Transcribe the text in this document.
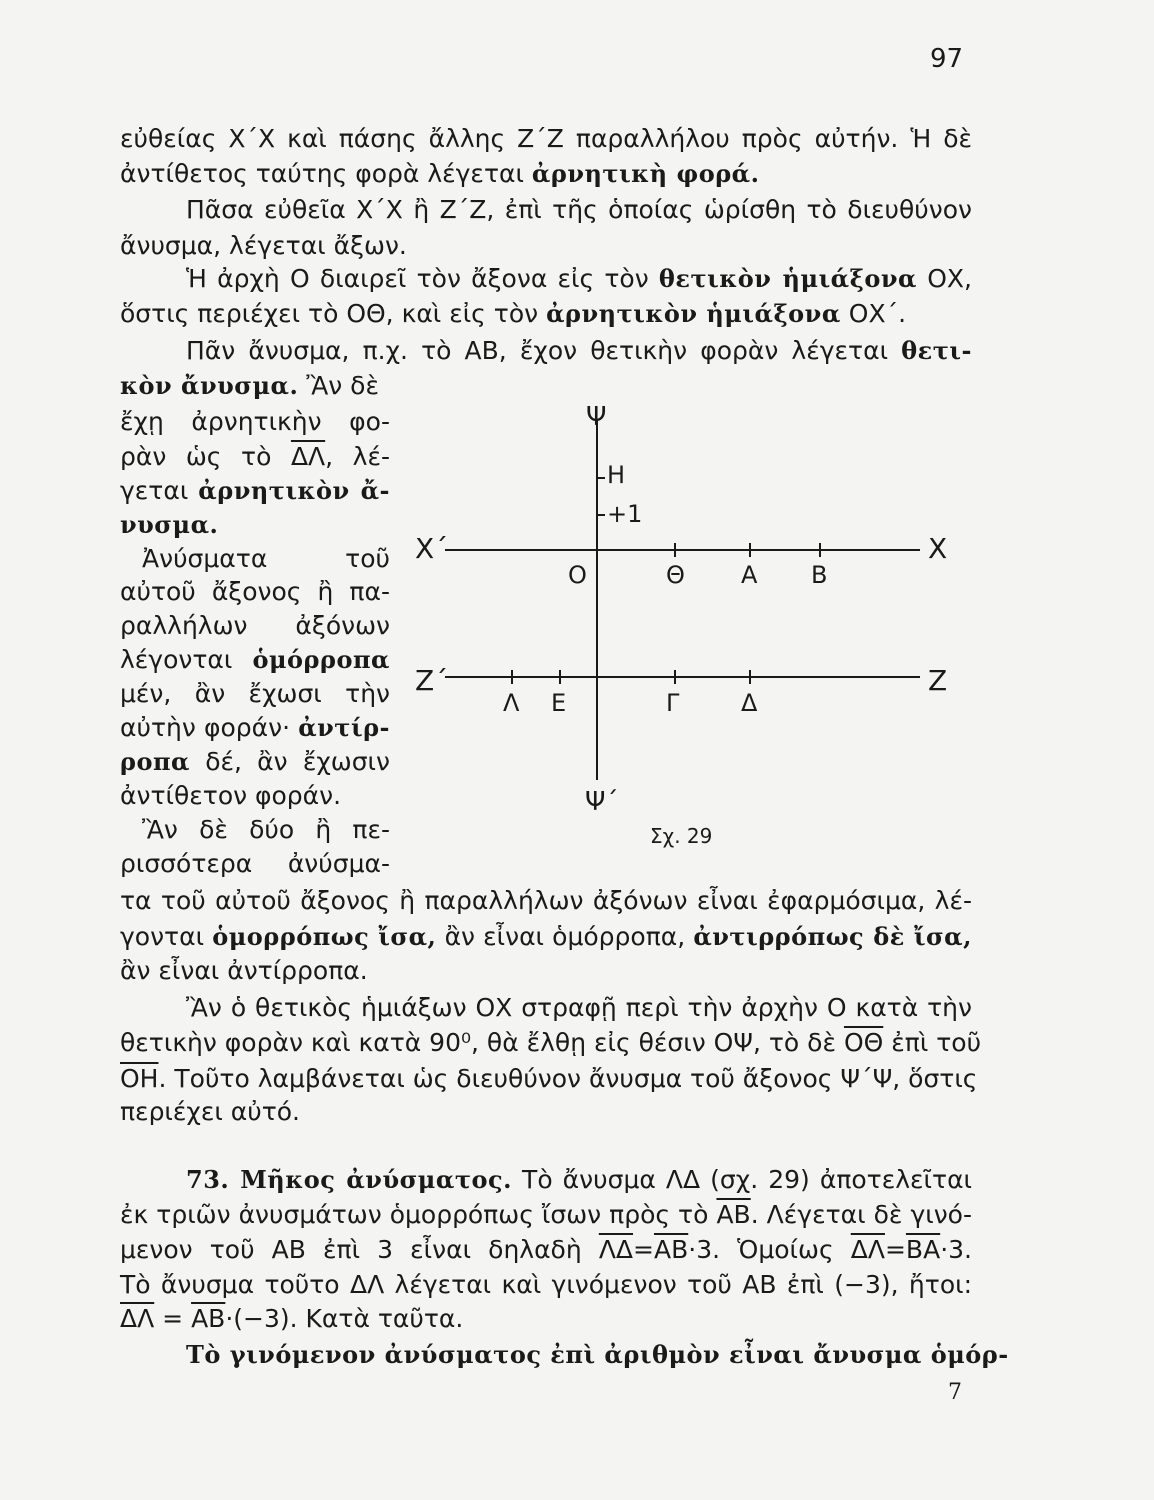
97
εὐθείας Χ΄Χ καὶ πάσης ἄλλης Ζ΄Ζ παραλλήλου πρὸς αὐτήν. Ἡ δὲ
ἀντίθετος ταύτης φορὰ λέγεται ἀρνητικὴ φορά.
Πᾶσα εὐθεῖα Χ΄Χ ἢ Ζ΄Ζ, ἐπὶ τῆς ὁποίας ὡρίσθη τὸ διευθύνον
ἄνυσμα, λέγεται ἄξων.
Ἡ ἀρχὴ Ο διαιρεῖ τὸν ἄξονα εἰς τὸν θετικὸν ἡμιάξονα ΟΧ,
ὅστις περιέχει τὸ ΟΘ, καὶ εἰς τὸν ἀρνητικὸν ἡμιάξονα ΟΧ΄.
Πᾶν ἄνυσμα, π.χ. τὸ ΑΒ, ἔχον θετικὴν φορὰν λέγεται θετι-
κὸν ἄνυσμα. Ἂν δὲ
ἔχῃ ἀρνητικὴν φο-
ρὰν ὡς τὸ $\overline{\Delta\Lambda}$, λέ-
γεται ἀρνητικὸν ἄ-
νυσμα.
Ἀνύσματα τοῦ
αὐτοῦ ἄξονος ἢ πα-
ραλλήλων ἀξόνων
λέγονται ὁμόρροπα
μέν, ἂν ἔχωσι τὴν
αὐτὴν φοράν· ἀντίρ-
ροπα δέ, ἂν ἔχωσιν
ἀντίθετον φοράν.
Ἂν δὲ δύο ἢ πε-
ρισσότερα ἀνύσμα-
Ψ
Η
+1
Χ΄	Χ
Ο	Θ Α Β
Ζ΄	Ζ
Λ Ε	Γ	Δ
Ψ΄
Σχ. 29
τα τοῦ αὐτοῦ ἄξονος ἢ παραλλήλων ἀξόνων εἶναι ἐφαρμόσιμα, λέ-
γονται ὁμορρόπως ἴσα, ἂν εἶναι ὁμόρροπα, ἀντιρρόπως δὲ ἴσα,
ἂν εἶναι ἀντίρροπα.
Ἂν ὁ θετικὸς ἡμιάξων ΟΧ στραφῇ περὶ τὴν ἀρχὴν Ο κατὰ τὴν
θετικὴν φορὰν καὶ κατὰ 90⁰, θὰ ἔλθῃ εἰς θέσιν ΟΨ, τὸ δὲ $\overline{O\Theta}$ ἐπὶ τοῦ
$\overline{OH}$. Τοῦτο λαμβάνεται ὡς διευθύνον ἄνυσμα τοῦ ἄξονος Ψ΄Ψ, ὅστις
περιέχει αὐτό.
73. Μῆκος ἀνύσματος. Τὸ ἄνυσμα ΛΔ (σχ. 29) ἀποτελεῖται
ἐκ τριῶν ἀνυσμάτων ὁμορρόπως ἴσων πρὸς τὸ $\overline{AB}$. Λέγεται δὲ γινό-
μενον τοῦ ΑΒ ἐπὶ 3 εἶναι δηλαδὴ $\overline{\Lambda\Delta}=\overline{AB}\cdot 3$. Ὁμοίως $\overline{\Delta\Lambda}=\overline{BA}\cdot 3$.
Τὸ ἄνυσμα τοῦτο ΔΛ λέγεται καὶ γινόμενον τοῦ ΑΒ ἐπὶ (−3), ἤτοι:
$\overline{\Delta\Lambda} = \overline{AB}\cdot(-3)$. Κατὰ ταῦτα.
Τὸ γινόμενον ἀνύσματος ἐπὶ ἀριθμὸν εἶναι ἄνυσμα ὁμόρ-
7
